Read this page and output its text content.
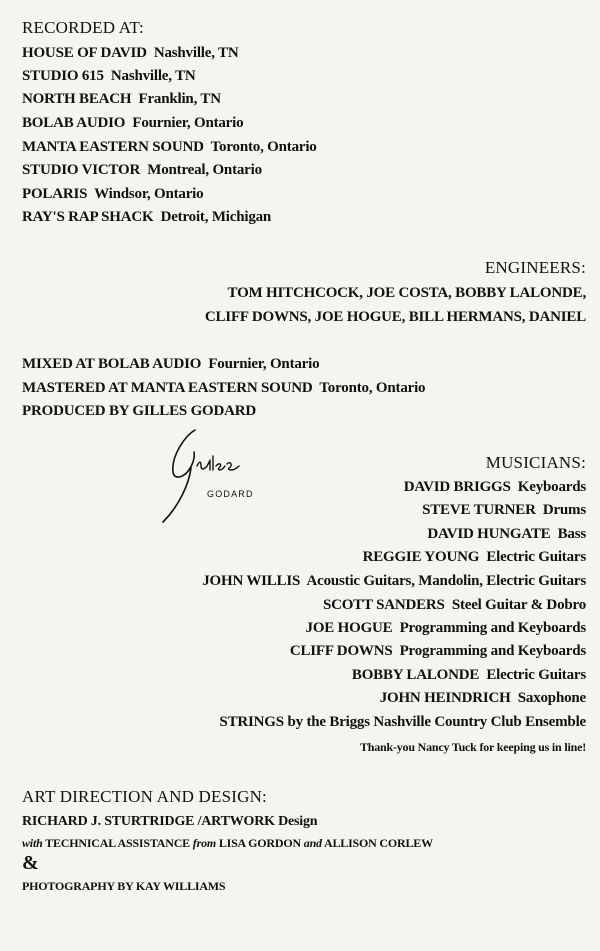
RECORDED AT:
HOUSE OF DAVID Nashville, TN
STUDIO 615 Nashville, TN
NORTH BEACH Franklin, TN
BOLAB AUDIO Fournier, Ontario
MANTA EASTERN SOUND Toronto, Ontario
STUDIO VICTOR Montreal, Ontario
POLARIS Windsor, Ontario
RAY'S RAP SHACK Detroit, Michigan
ENGINEERS:
TOM HITCHCOCK, JOE COSTA, BOBBY LALONDE,
CLIFF DOWNS, JOE HOGUE, BILL HERMANS, DANIEL
MIXED AT BOLAB AUDIO Fournier, Ontario
MASTERED AT MANTA EASTERN SOUND Toronto, Ontario
PRODUCED BY GILLES GODARD
GODARD
MUSICIANS:
DAVID BRIGGS Keyboards
STEVE TURNER Drums
DAVID HUNGATE Bass
REGGIE YOUNG Electric Guitars
JOHN WILLIS Acoustic Guitars, Mandolin, Electric Guitars
SCOTT SANDERS Steel Guitar & Dobro
JOE HOGUE Programming and Keyboards
CLIFF DOWNS Programming and Keyboards
BOBBY LALONDE Electric Guitars
JOHN HEINDRICH Saxophone
STRINGS by the Briggs Nashville Country Club Ensemble
Thank-you Nancy Tuck for keeping us in line!
ART DIRECTION AND DESIGN:
RICHARD J. STURTRIDGE /ARTWORK Design
with TECHNICAL ASSISTANCE from LISA GORDON and ALLISON CORLEW
&
PHOTOGRAPHY BY KAY WILLIAMS
